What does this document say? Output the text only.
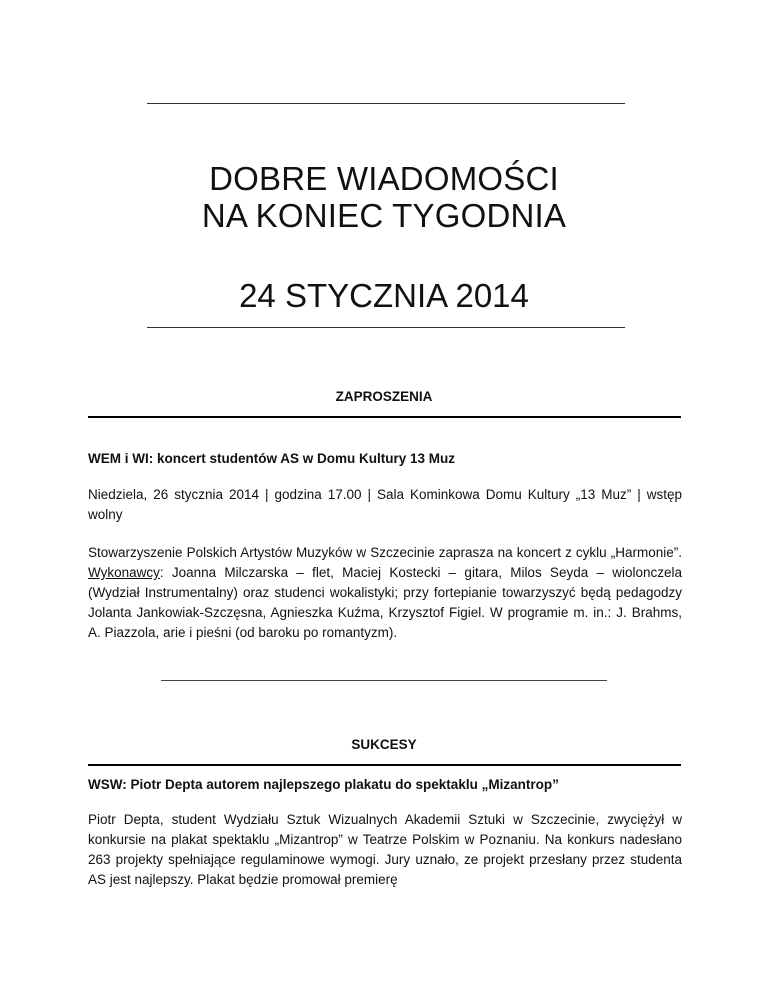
DOBRE WIADOMOŚCI
NA KONIEC TYGODNIA
24 STYCZNIA 2014
ZAPROSZENIA
WEM i WI: koncert studentów AS w Domu Kultury 13 Muz

Niedziela, 26 stycznia 2014 | godzina 17.00 | Sala Kominkowa Domu Kultury „13 Muz” | wstęp wolny

Stowarzyszenie Polskich Artystów Muzyków w Szczecinie zaprasza na koncert z cyklu „Harmonie”. Wykonawcy: Joanna Milczarska – flet, Maciej Kostecki – gitara, Milos Seyda – wiolonczela (Wydział Instrumentalny) oraz studenci wokalistyki; przy fortepianie towarzyszyć będą pedagodzy Jolanta Jankowiak-Szczęsna, Agnieszka Kuźma, Krzysztof Figiel. W programie m. in.: J. Brahms, A. Piazzola, arie i pieśni (od baroku po romantyzm).

SUKCESY
WSW: Piotr Depta autorem najlepszego plakatu do spektaklu „Mizantrop”

Piotr Depta, student Wydziału Sztuk Wizualnych Akademii Sztuki w Szczecinie, zwyciężył w konkursie na plakat spektaklu „Mizantrop” w Teatrze Polskim w Poznaniu. Na konkurs nadesłano 263 projekty spełniające regulaminowe wymogi. Jury uznało, ze projekt przesłany przez studenta AS jest najlepszy. Plakat będzie promował premierę
